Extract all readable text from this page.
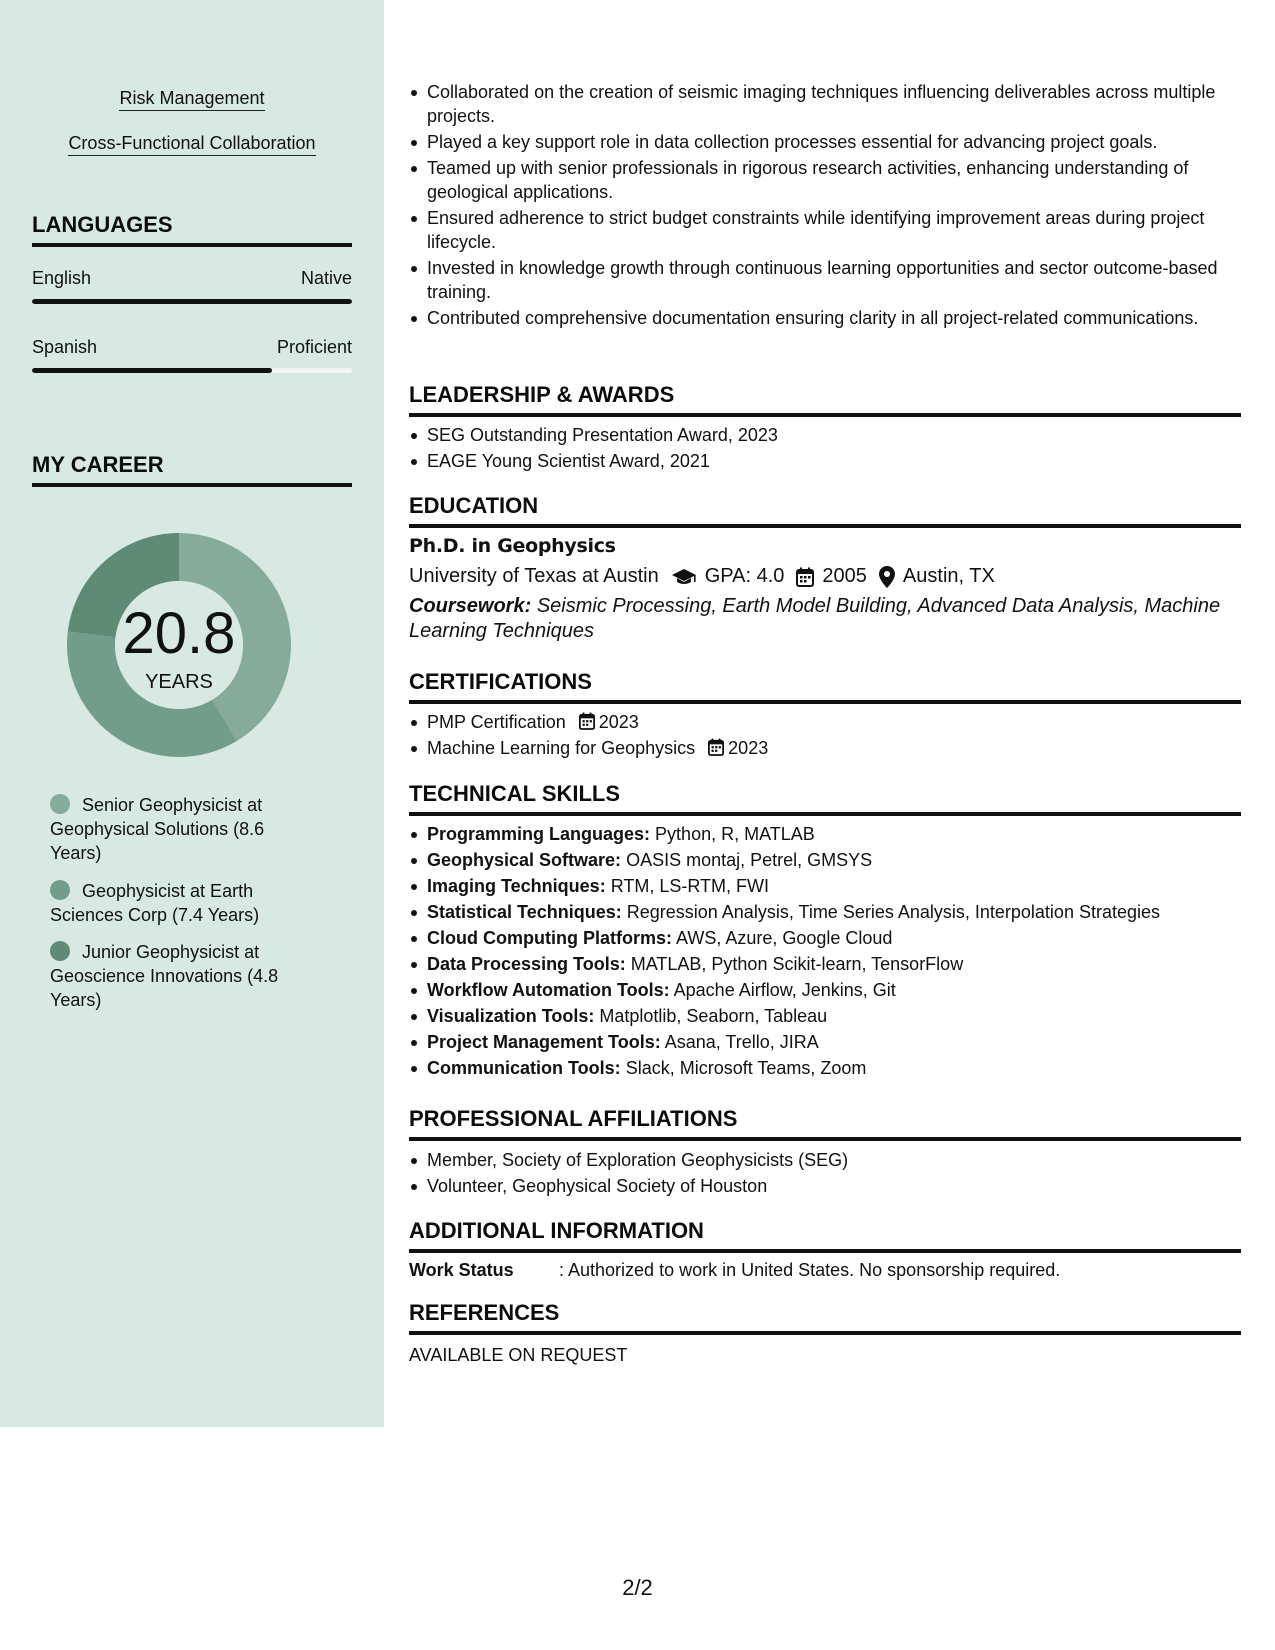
Risk Management
Cross-Functional Collaboration
LANGUAGES
English	Native
Spanish	Proficient
MY CAREER
20.8
YEARS
Senior Geophysicist at Geophysical Solutions (8.6 Years)
Geophysicist at Earth Sciences Corp (7.4 Years)
Junior Geophysicist at Geoscience Innovations (4.8 Years)
Collaborated on the creation of seismic imaging techniques influencing deliverables across multiple projects.
Played a key support role in data collection processes essential for advancing project goals.
Teamed up with senior professionals in rigorous research activities, enhancing understanding of geological applications.
Ensured adherence to strict budget constraints while identifying improvement areas during project lifecycle.
Invested in knowledge growth through continuous learning opportunities and sector outcome-based training.
Contributed comprehensive documentation ensuring clarity in all project-related communications.
LEADERSHIP & AWARDS
SEG Outstanding Presentation Award, 2023
EAGE Young Scientist Award, 2021
EDUCATION
Ph.D. in Geophysics
University of Texas at Austin GPA: 4.0 2005 Austin, TX
Coursework: Seismic Processing, Earth Model Building, Advanced Data Analysis, Machine Learning Techniques
CERTIFICATIONS
PMP Certification 2023
Machine Learning for Geophysics 2023
TECHNICAL SKILLS
Programming Languages: Python, R, MATLAB
Geophysical Software: OASIS montaj, Petrel, GMSYS
Imaging Techniques: RTM, LS-RTM, FWI
Statistical Techniques: Regression Analysis, Time Series Analysis, Interpolation Strategies
Cloud Computing Platforms: AWS, Azure, Google Cloud
Data Processing Tools: MATLAB, Python Scikit-learn, TensorFlow
Workflow Automation Tools: Apache Airflow, Jenkins, Git
Visualization Tools: Matplotlib, Seaborn, Tableau
Project Management Tools: Asana, Trello, JIRA
Communication Tools: Slack, Microsoft Teams, Zoom
PROFESSIONAL AFFILIATIONS
Member, Society of Exploration Geophysicists (SEG)
Volunteer, Geophysical Society of Houston
ADDITIONAL INFORMATION
Work Status	: Authorized to work in United States. No sponsorship required.
REFERENCES
AVAILABLE ON REQUEST
2/2
